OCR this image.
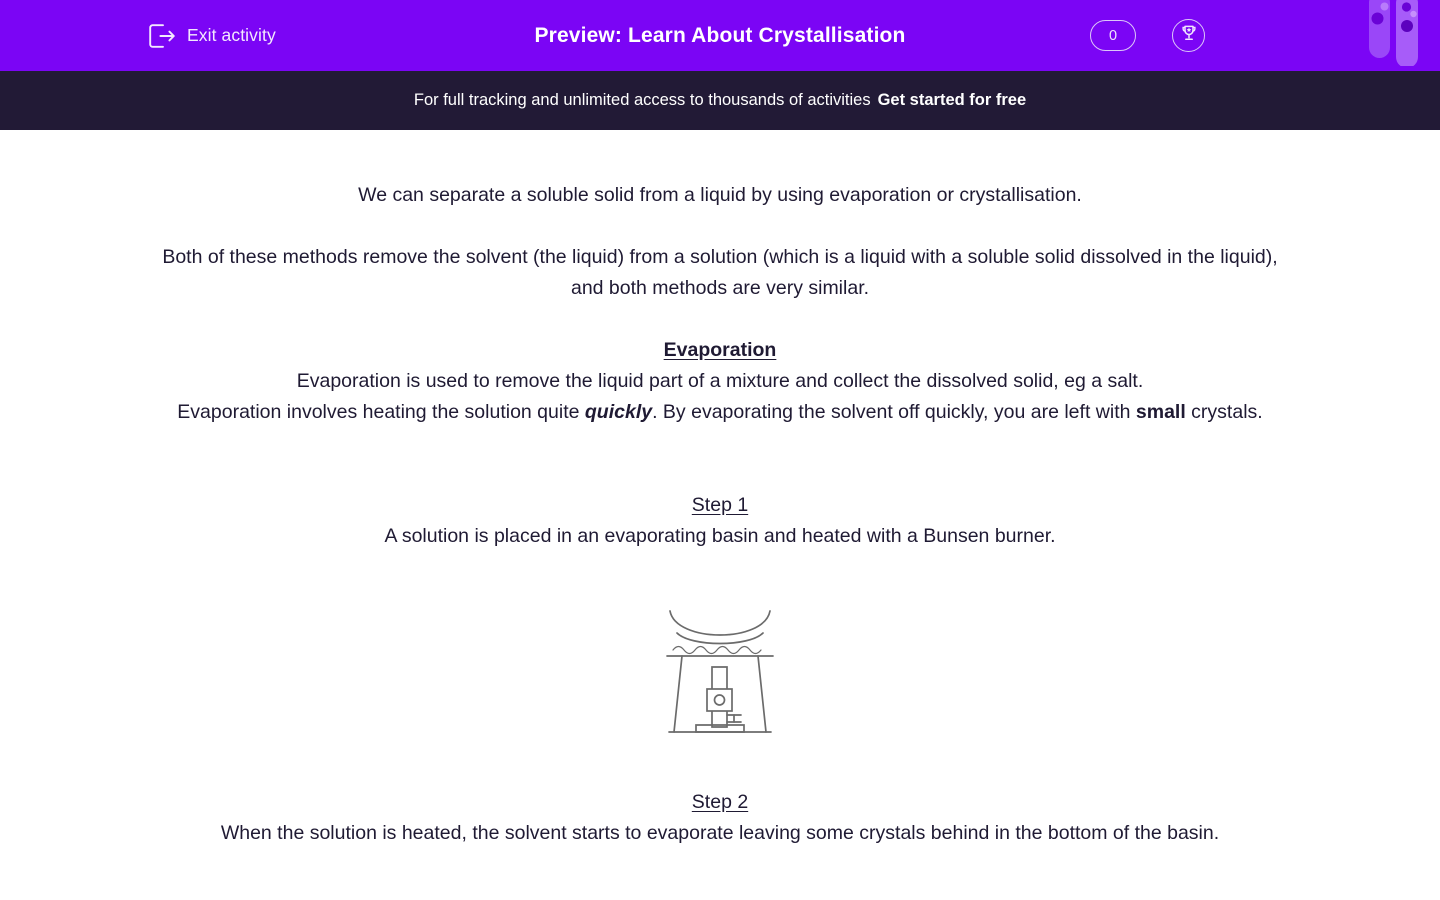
Exit activity	Preview: Learn About Crystallisation	0
For full tracking and unlimited access to thousands of activities Get started for free
We can separate a soluble solid from a liquid by using evaporation or crystallisation.
Both of these methods remove the solvent (the liquid) from a solution (which is a liquid with a soluble solid dissolved in the liquid), and both methods are very similar.
Evaporation
Evaporation is used to remove the liquid part of a mixture and collect the dissolved solid, eg a salt.
Evaporation involves heating the solution quite quickly. By evaporating the solvent off quickly, you are left with small crystals.
Step 1
A solution is placed in an evaporating basin and heated with a Bunsen burner.
Step 2
When the solution is heated, the solvent starts to evaporate leaving some crystals behind in the bottom of the basin.
